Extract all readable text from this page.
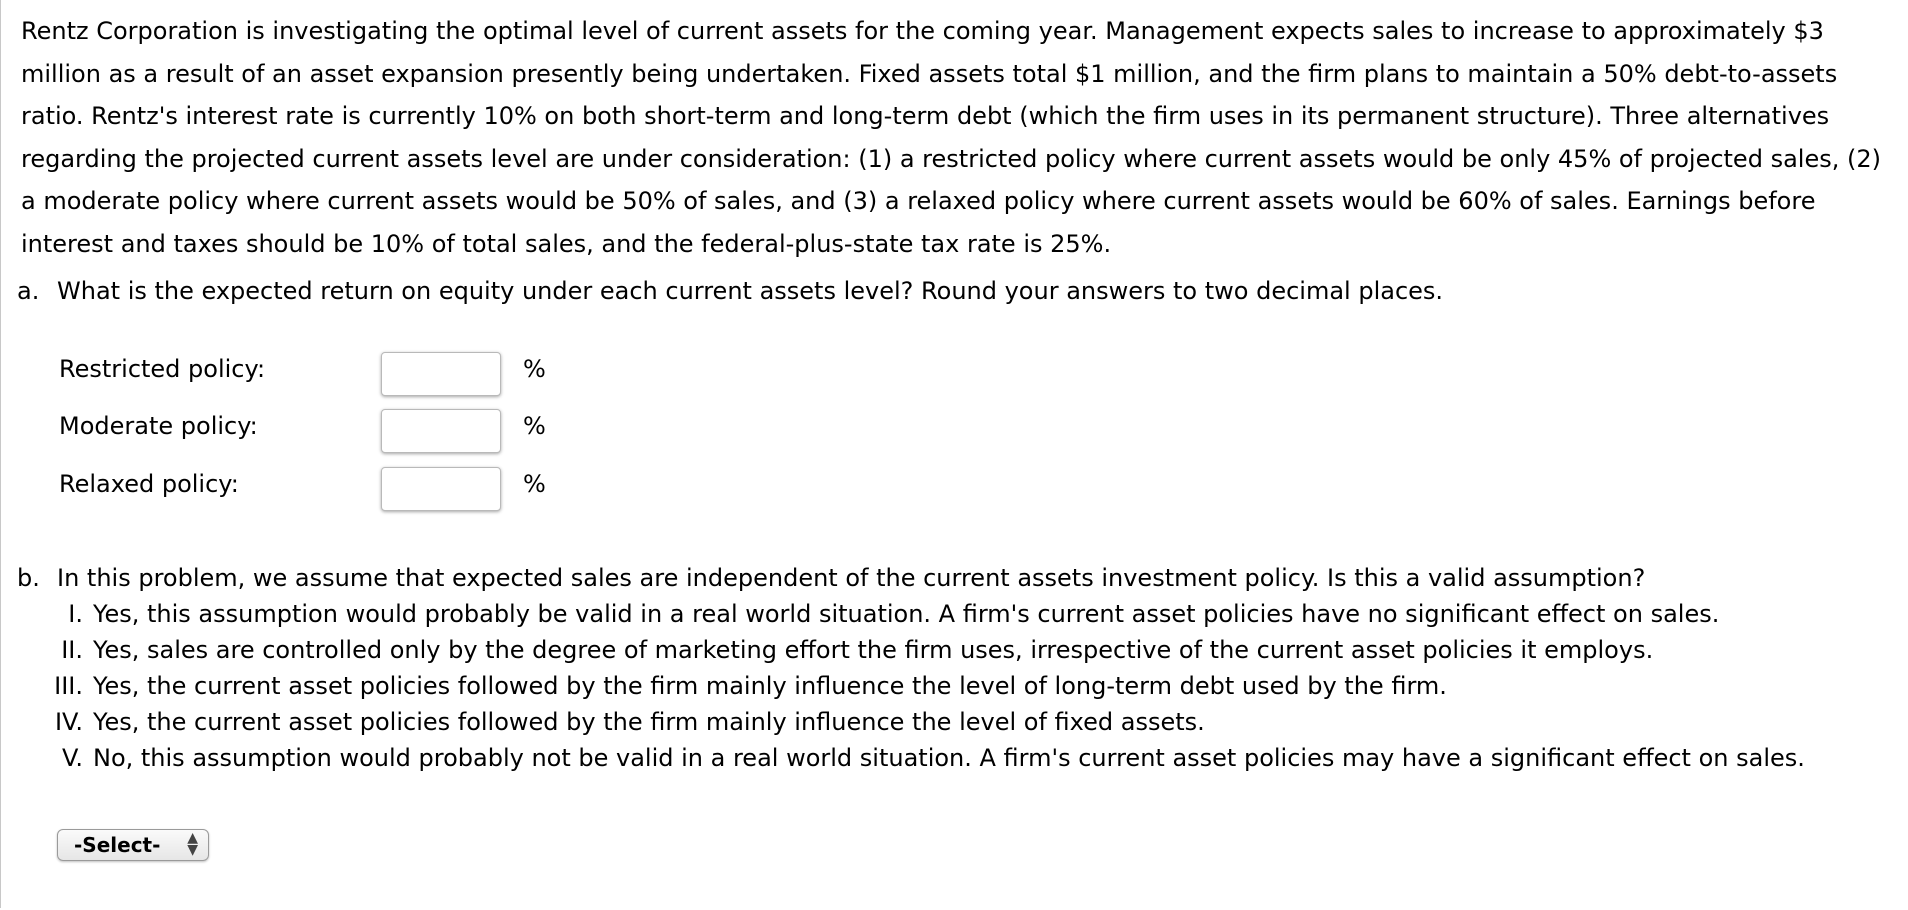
Rentz Corporation is investigating the optimal level of current assets for the coming year. Management expects sales to increase to approximately $3 million as a result of an asset expansion presently being undertaken. Fixed assets total $1 million, and the firm plans to maintain a 50% debt-to-assets ratio. Rentz's interest rate is currently 10% on both short-term and long-term debt (which the firm uses in its permanent structure). Three alternatives regarding the projected current assets level are under consideration: (1) a restricted policy where current assets would be only 45% of projected sales, (2) a moderate policy where current assets would be 50% of sales, and (3) a relaxed policy where current assets would be 60% of sales. Earnings before interest and taxes should be 10% of total sales, and the federal-plus-state tax rate is 25%.

a. What is the expected return on equity under each current assets level? Round your answers to two decimal places.
Restricted policy:	%
Moderate policy:	%
Relaxed policy:	%
b. In this problem, we assume that expected sales are independent of the current assets investment policy. Is this a valid assumption?
I. Yes, this assumption would probably be valid in a real world situation. A firm's current asset policies have no significant effect on sales.
II. Yes, sales are controlled only by the degree of marketing effort the firm uses, irrespective of the current asset policies it employs.
III. Yes, the current asset policies followed by the firm mainly influence the level of long-term debt used by the firm.
IV. Yes, the current asset policies followed by the firm mainly influence the level of fixed assets.
V. No, this assumption would probably not be valid in a real world situation. A firm's current asset policies may have a significant effect on sales.
-Select- ▲
▼
